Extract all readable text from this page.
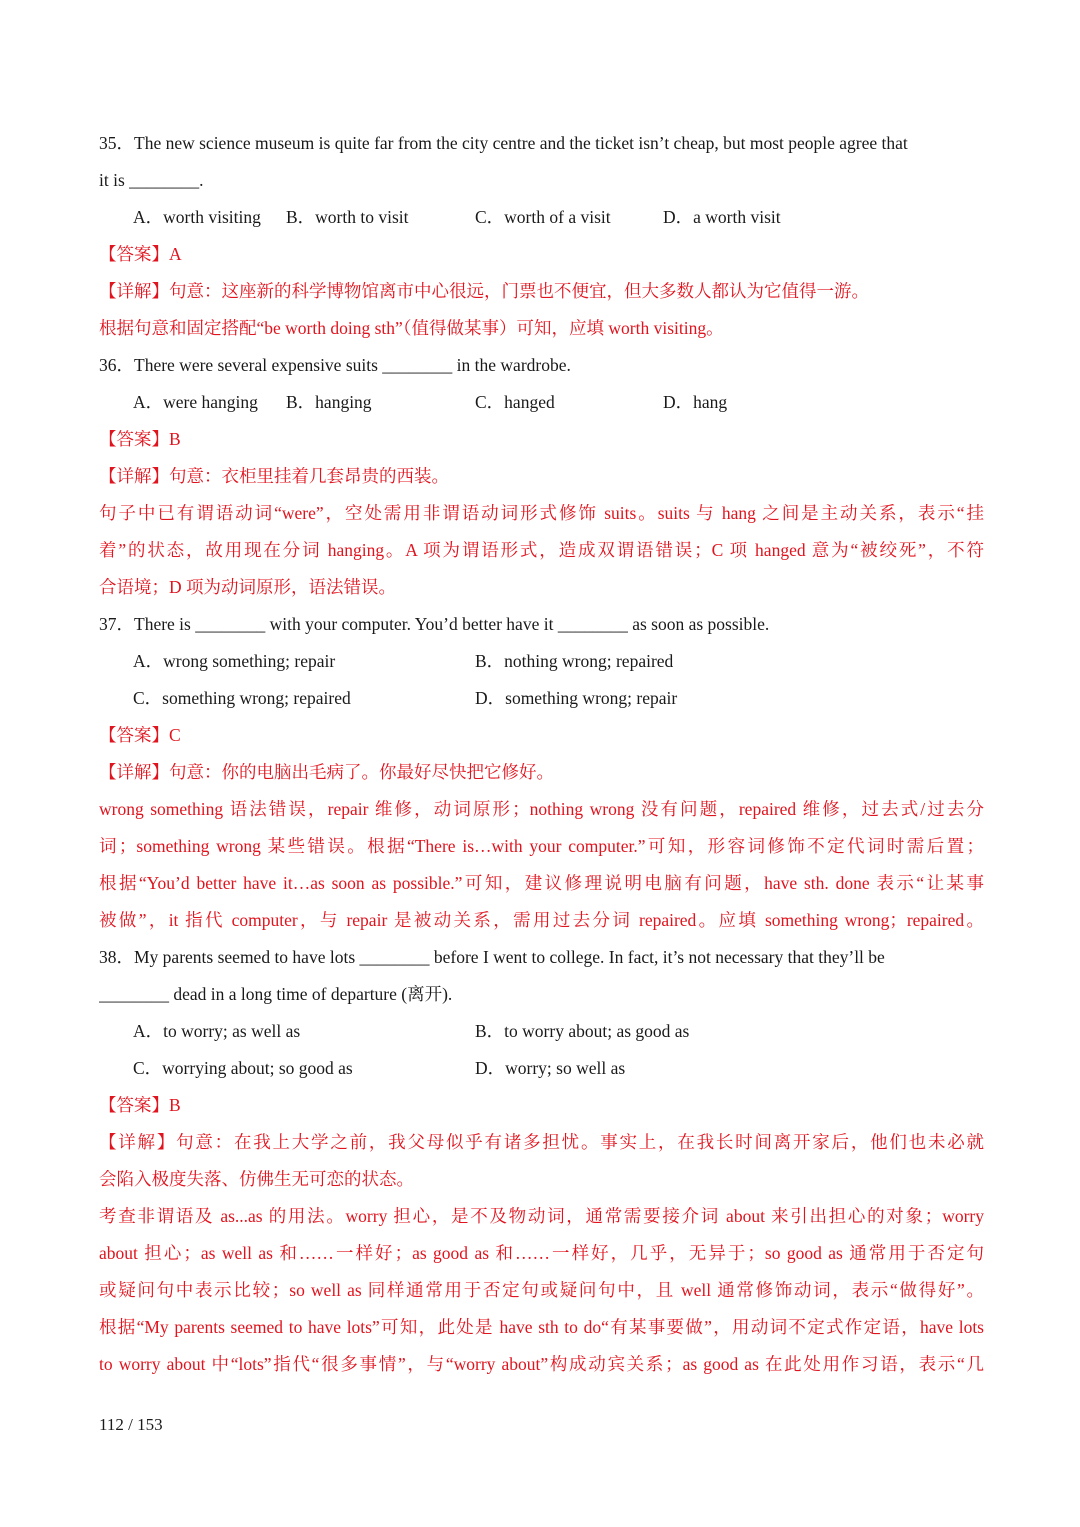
35．The new science museum is quite far from the city centre and the ticket isn’t cheap, but most people agree that
it is ________.
A．worth visiting B．worth to visit	C．worth of a visit	D．a worth visit
【答案】A
【详解】句意：这座新的科学博物馆离市中心很远，门票也不便宜，但大多数人都认为它值得一游。
根据句意和固定搭配“be worth doing sth”（值得做某事）可知，应填 worth visiting。
36．There were several expensive suits ________ in the wardrobe.
A．were hanging B．hanging	C．hanged	D．hang
【答案】B
【详解】句意：衣柜里挂着几套昂贵的西装。
句子中已有谓语动词“were”，空处需用非谓语动词形式修饰 suits。suits 与 hang 之间是主动关系，表示“挂
着”的状态，故用现在分词 hanging。A 项为谓语形式，造成双谓语错误；C 项 hanged 意为“被绞死”，不符
合语境；D 项为动词原形，语法错误。
37．There is ________ with your computer. You’d better have it ________ as soon as possible.
A．wrong something; repair	B．nothing wrong; repaired
C．something wrong; repaired	D．something wrong; repair
【答案】C
【详解】句意：你的电脑出毛病了。你最好尽快把它修好。
wrong something 语法错误，repair 维修，动词原形；nothing wrong 没有问题，repaired 维修，过去式/过去分
词；something wrong 某些错误。根据“There is…with your computer.”可知，形容词修饰不定代词时需后置；
根据“You’d better have it…as soon as possible.”可知，建议修理说明电脑有问题，have sth. done 表示“让某事
被做”，it 指代 computer，与 repair 是被动关系，需用过去分词 repaired。应填 something wrong；repaired。
38．My parents seemed to have lots ________ before I went to college. In fact, it’s not necessary that they’ll be
________ dead in a long time of departure (离开).
A．to worry; as well as	B．to worry about; as good as
C．worrying about; so good as	D．worry; so well as
【答案】B
【详解】句意：在我上大学之前，我父母似乎有诸多担忧。事实上，在我长时间离开家后，他们也未必就
会陷入极度失落、仿佛生无可恋的状态。
考查非谓语及 as...as 的用法。worry 担心，是不及物动词，通常需要接介词 about 来引出担心的对象；worry
about 担心；as well as 和……一样好；as good as 和……一样好，几乎，无异于；so good as 通常用于否定句
或疑问句中表示比较；so well as 同样通常用于否定句或疑问句中，且 well 通常修饰动词，表示“做得好”。
根据“My parents seemed to have lots”可知，此处是 have sth to do“有某事要做”，用动词不定式作定语，have lots
to worry about 中“lots”指代“很多事情”，与“worry about”构成动宾关系；as good as 在此处用作习语，表示“几
112 / 153
